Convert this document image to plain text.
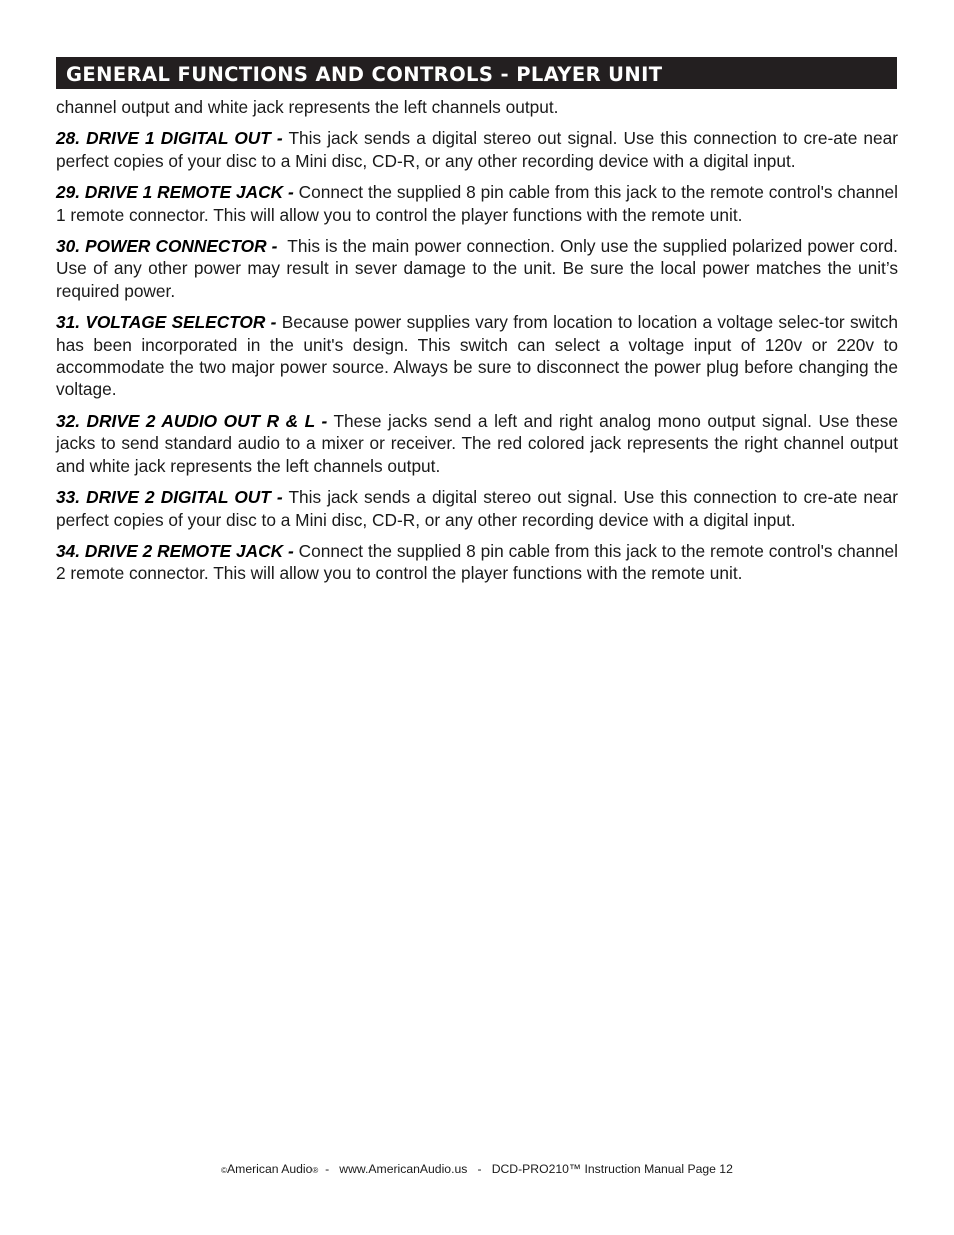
GENERAL FUNCTIONS AND CONTROLS - PLAYER UNIT

channel output and white jack represents the left channels output.

28. DRIVE 1 DIGITAL OUT - This jack sends a digital stereo out signal. Use this connection to cre-ate near perfect copies of your disc to a Mini disc, CD-R, or any other recording device with a digital input.

29. DRIVE 1 REMOTE JACK - Connect the supplied 8 pin cable from this jack to the remote control's channel 1 remote connector. This will allow you to control the player functions with the remote unit.

30. POWER CONNECTOR -  This is the main power connection. Only use the supplied polarized power cord. Use of any other power may result in sever damage to the unit. Be sure the local power matches the unit’s required power.

31. VOLTAGE SELECTOR - Because power supplies vary from location to location a voltage selec-tor switch has been incorporated in the unit's design. This switch can select a voltage input of 120v or 220v to accommodate the two major power source. Always be sure to disconnect the power plug before changing the voltage.

32. DRIVE 2 AUDIO OUT R & L - These jacks send a left and right analog mono output signal. Use these jacks to send standard audio to a mixer or receiver. The red colored jack represents the right channel output and white jack represents the left channels output.

33. DRIVE 2 DIGITAL OUT - This jack sends a digital stereo out signal. Use this connection to cre-ate near perfect copies of your disc to a Mini disc, CD-R, or any other recording device with a digital input.

34. DRIVE 2 REMOTE JACK - Connect the supplied 8 pin cable from this jack to the remote control's channel 2 remote connector. This will allow you to control the player functions with the remote unit.

©American Audio®  -   www.AmericanAudio.us   -   DCD-PRO210™ Instruction Manual Page 12
